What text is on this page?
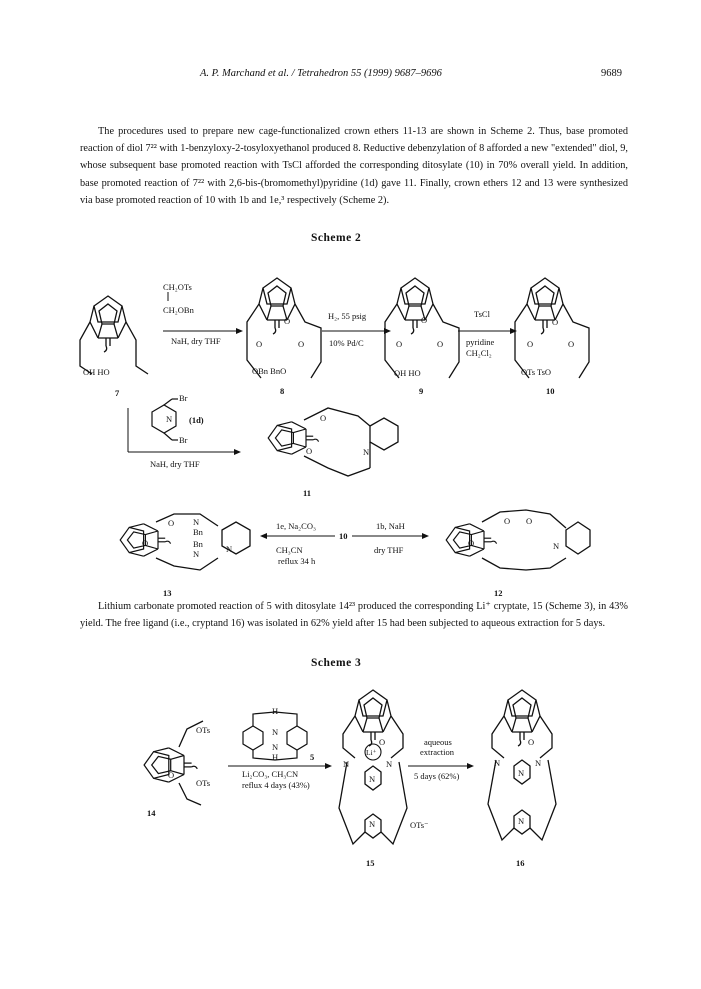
A. P. Marchand et al. / Tetrahedron 55 (1999) 9687–9696	9689

The procedures used to prepare new cage-functionalized crown ethers 11-13 are shown in Scheme 2. Thus, base promoted reaction of diol 7²² with 1-benzyloxy-2-tosyloxyethanol produced 8. Reductive debenzylation of 8 afforded a new "extended" diol, 9, whose subsequent base promoted reaction with TsCl afforded the corresponding ditosylate (10) in 70% overall yield. In addition, base promoted reaction of 7²² with 2,6-bis-(bromomethyl)pyridine (1d) gave 11. Finally, crown ethers 12 and 13 were synthesized via base promoted reaction of 10 with 1b and 1e,³ respectively (Scheme 2).

Scheme 2
CH₂OTs
CH₂OBn
NaH, dry THF
H₂, 55 psig
10% Pd/C
TsCl
pyridine
CH₂Cl₂
OH HO	OBn BnO	OH HO	OTs TsO
O
O	O
O
O	O
O
O	O
7	8	9	10
Br
Br
N (1d)
NaH, dry THF
O
O	N
11
O
O
N
Bn
Bn
N	N
13
1e, Na₂CO₃
CH₃CN
reflux 34 h
10
1b, NaH
dry THF
O O
O	N
12

Lithium carbonate promoted reaction of 5 with ditosylate 14²³ produced the corresponding Li⁺ cryptate, 15 (Scheme 3), in 43% yield. The free ligand (i.e., cryptand 16) was isolated in 62% yield after 15 had been subjected to aqueous extraction for 5 days.

Scheme 3
OTs
OTs
O
14
H
N
N
H	5
Li₂CO₃, CH₃CN
reflux 4 days (43%)
O
N
Li⁺
N
N
N	OTs⁻
15
aqueous
extraction
5 days (62%)
O
N	N
N
N
16
